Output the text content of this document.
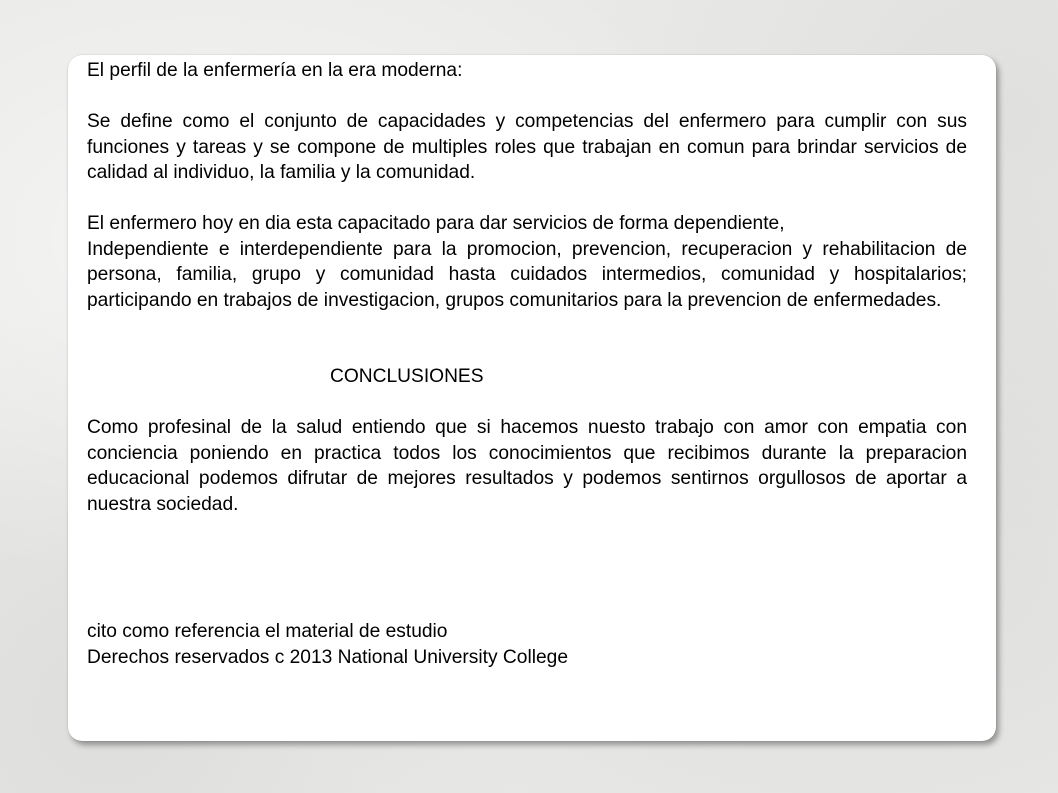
El perfil de la enfermería en la era moderna:

Se define como el conjunto de capacidades y competencias del enfermero para cumplir con sus funciones y tareas y se compone de multiples roles que trabajan en comun para brindar servicios de calidad al individuo, la familia y la comunidad.

El enfermero hoy en dia esta capacitado para dar servicios de forma dependiente,

Independiente e interdependiente para la promocion, prevencion, recuperacion y rehabilitacion de persona, familia, grupo y comunidad hasta cuidados intermedios, comunidad y hospitalarios; participando en trabajos de investigacion, grupos comunitarios para la prevencion de enfermedades.

CONCLUSIONES

Como profesinal de la salud entiendo que si hacemos nuesto trabajo con amor con empatia con conciencia poniendo en practica todos los conocimientos que recibimos durante la preparacion educacional podemos difrutar de mejores resultados y podemos sentirnos orgullosos de aportar a nuestra sociedad.

cito como referencia el material de estudio

Derechos reservados c 2013 National University College
